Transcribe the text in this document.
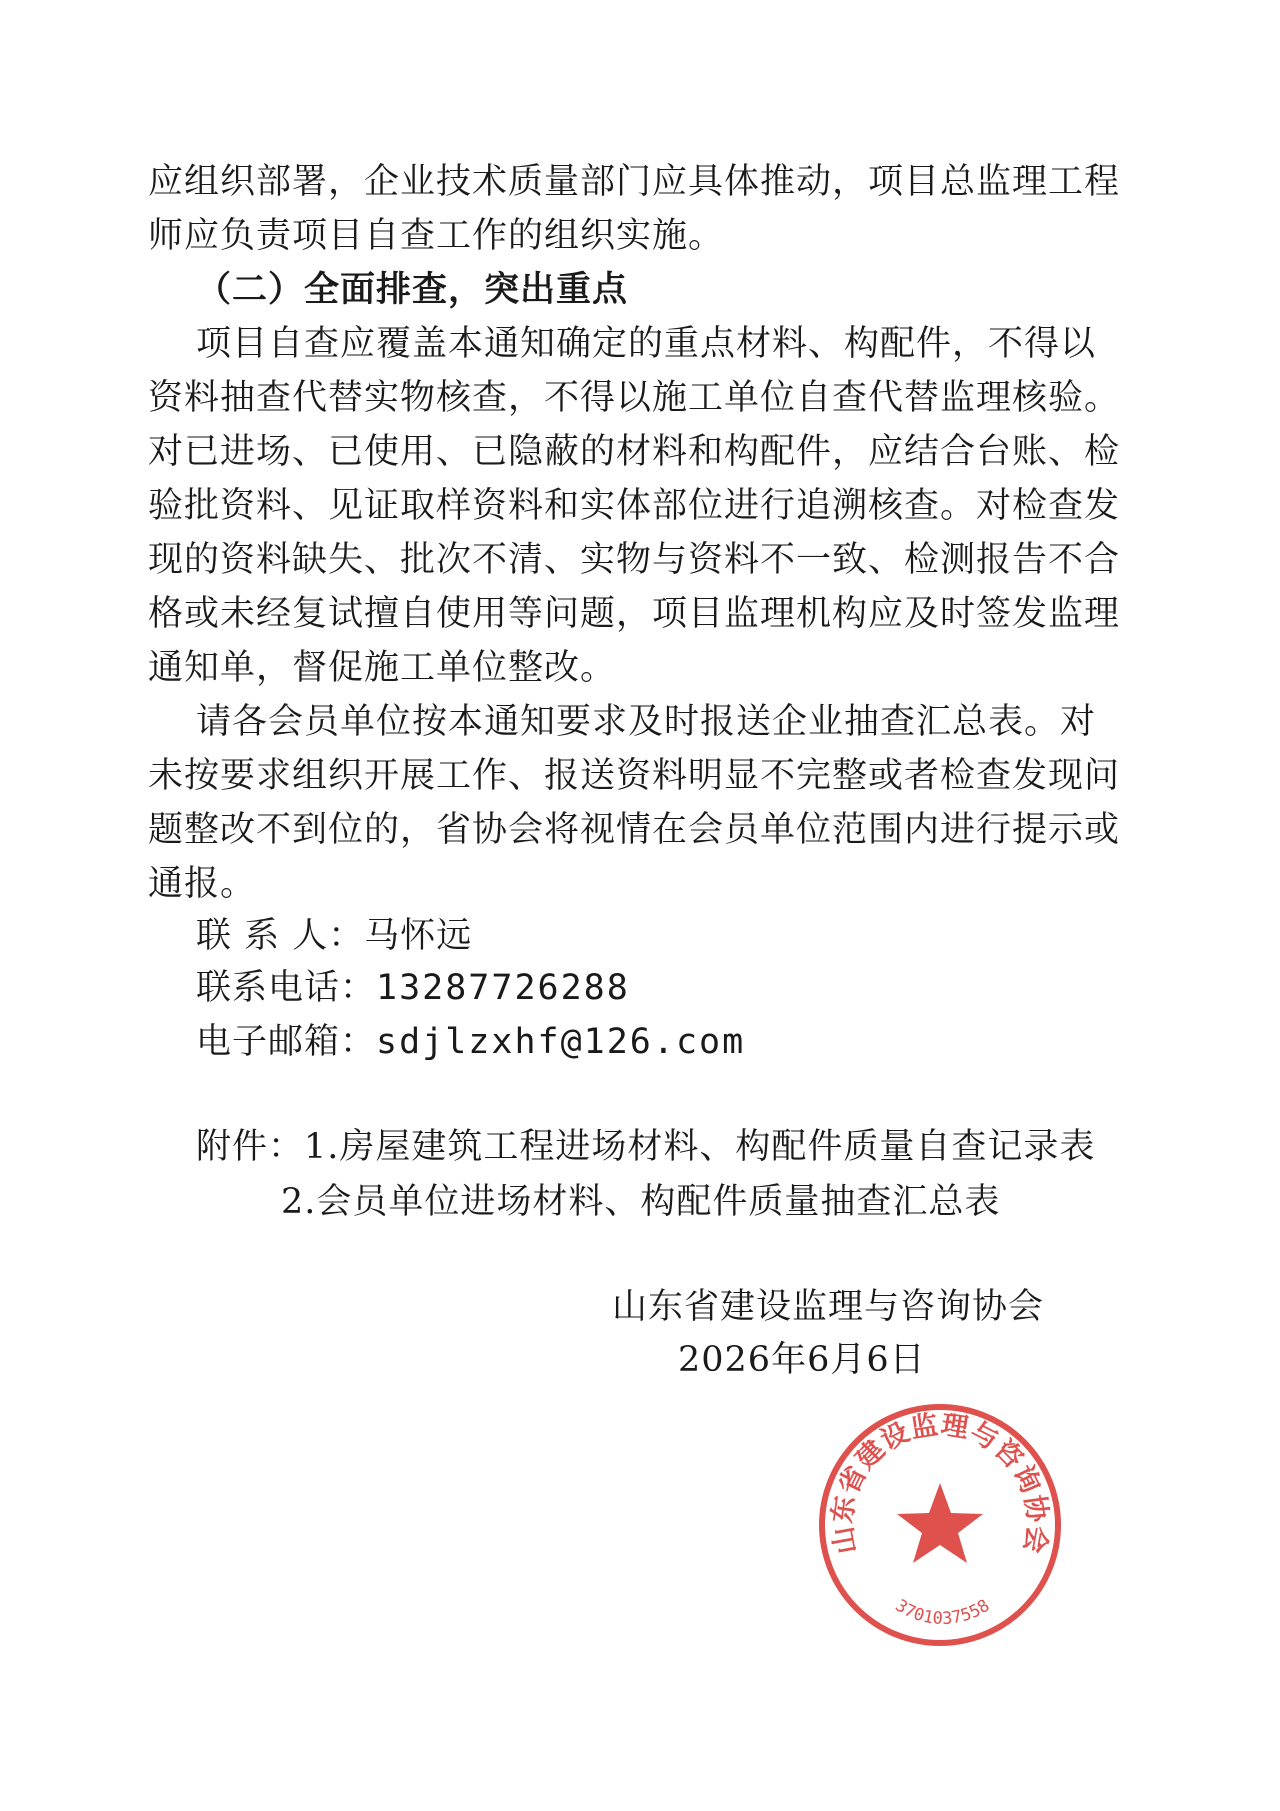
应组织部署，企业技术质量部门应具体推动，项目总监理工程
师应负责项目自查工作的组织实施。
（二）全面排查，突出重点
项目自查应覆盖本通知确定的重点材料、构配件，不得以
资料抽查代替实物核查，不得以施工单位自查代替监理核验。
对已进场、已使用、已隐蔽的材料和构配件，应结合台账、检
验批资料、见证取样资料和实体部位进行追溯核查。对检查发
现的资料缺失、批次不清、实物与资料不一致、检测报告不合
格或未经复试擅自使用等问题，项目监理机构应及时签发监理
通知单，督促施工单位整改。
请各会员单位按本通知要求及时报送企业抽查汇总表。对
未按要求组织开展工作、报送资料明显不完整或者检查发现问
题整改不到位的，省协会将视情在会员单位范围内进行提示或
通报。
联 系 人：马怀远
联系电话：13287726288
电子邮箱：sdjlzxhf@126.com
附件：1.房屋建筑工程进场材料、构配件质量自查记录表
2.会员单位进场材料、构配件质量抽查汇总表
山东省建设监理与咨询协会
3701037558
山东省建设监理与咨询协会
2026年6月6日
